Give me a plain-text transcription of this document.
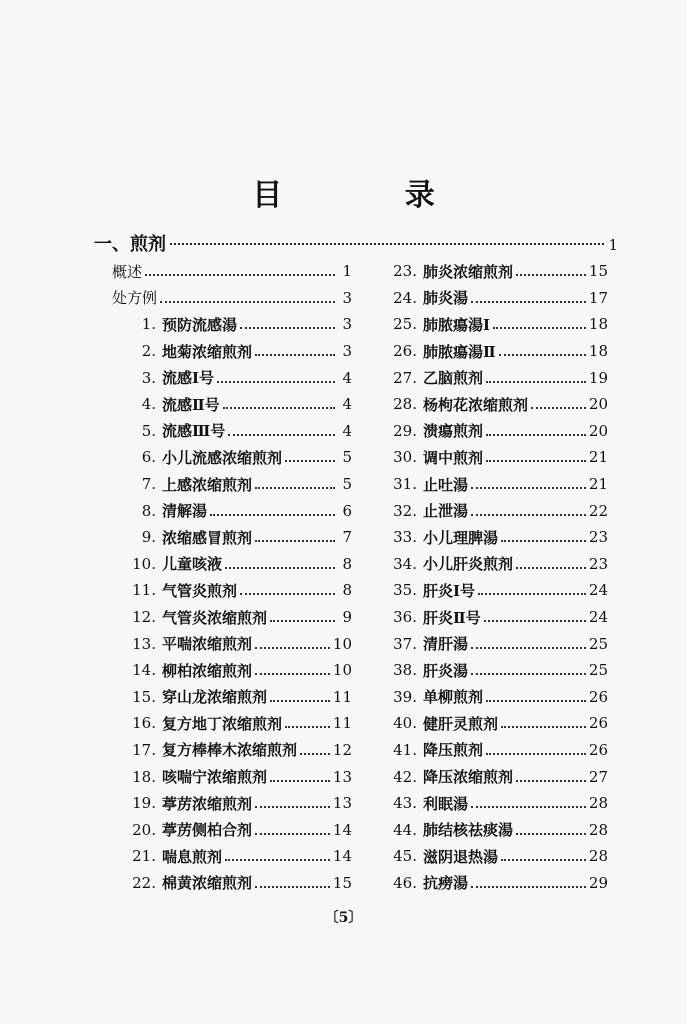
目 录
一、煎剂	1
概述	1
处方例	3
1. 预防流感湯	3
2. 地菊浓缩煎剂	3
3. 流感Ⅰ号	4
4. 流感Ⅱ号	4
5. 流感Ⅲ号	4
6. 小儿流感浓缩煎剂	5
7. 上感浓缩煎剂	5
8. 清解湯	6
9. 浓缩感冒煎剂	7
10. 儿童咳液	8
11. 气管炎煎剂	8
12. 气管炎浓缩煎剂	9
13. 平喘浓缩煎剂	10
14. 柳柏浓缩煎剂	10
15. 穿山龙浓缩煎剂	11
16. 复方地丁浓缩煎剂	11
17. 复方棒棒木浓缩煎剂 12
18. 咳喘宁浓缩煎剂	13
19. 葶苈浓缩煎剂	13
20. 葶苈侧柏合剂	14
21. 喘息煎剂	14
22. 棉黄浓缩煎剂	15
23. 肺炎浓缩煎剂	15
24. 肺炎湯	17
25. 肺脓瘍湯Ⅰ	18
26. 肺脓瘍湯Ⅱ	18
27. 乙脑煎剂	19
28. 杨枸花浓缩煎剂	20
29. 溃瘍煎剂	20
30. 调中煎剂	21
31. 止吐湯	21
32. 止泄湯	22
33. 小儿理脾湯	23
34. 小儿肝炎煎剂	23
35. 肝炎Ⅰ号	24
36. 肝炎Ⅱ号	24
37. 清肝湯	25
38. 肝炎湯	25
39. 单柳煎剂	26
40. 健肝灵煎剂	26
41. 降压煎剂	26
42. 降压浓缩煎剂	27
43. 利眠湯	28
44. 肺结核祛痰湯	28
45. 滋阴退热湯	28
46. 抗痨湯	29
〔5〕
